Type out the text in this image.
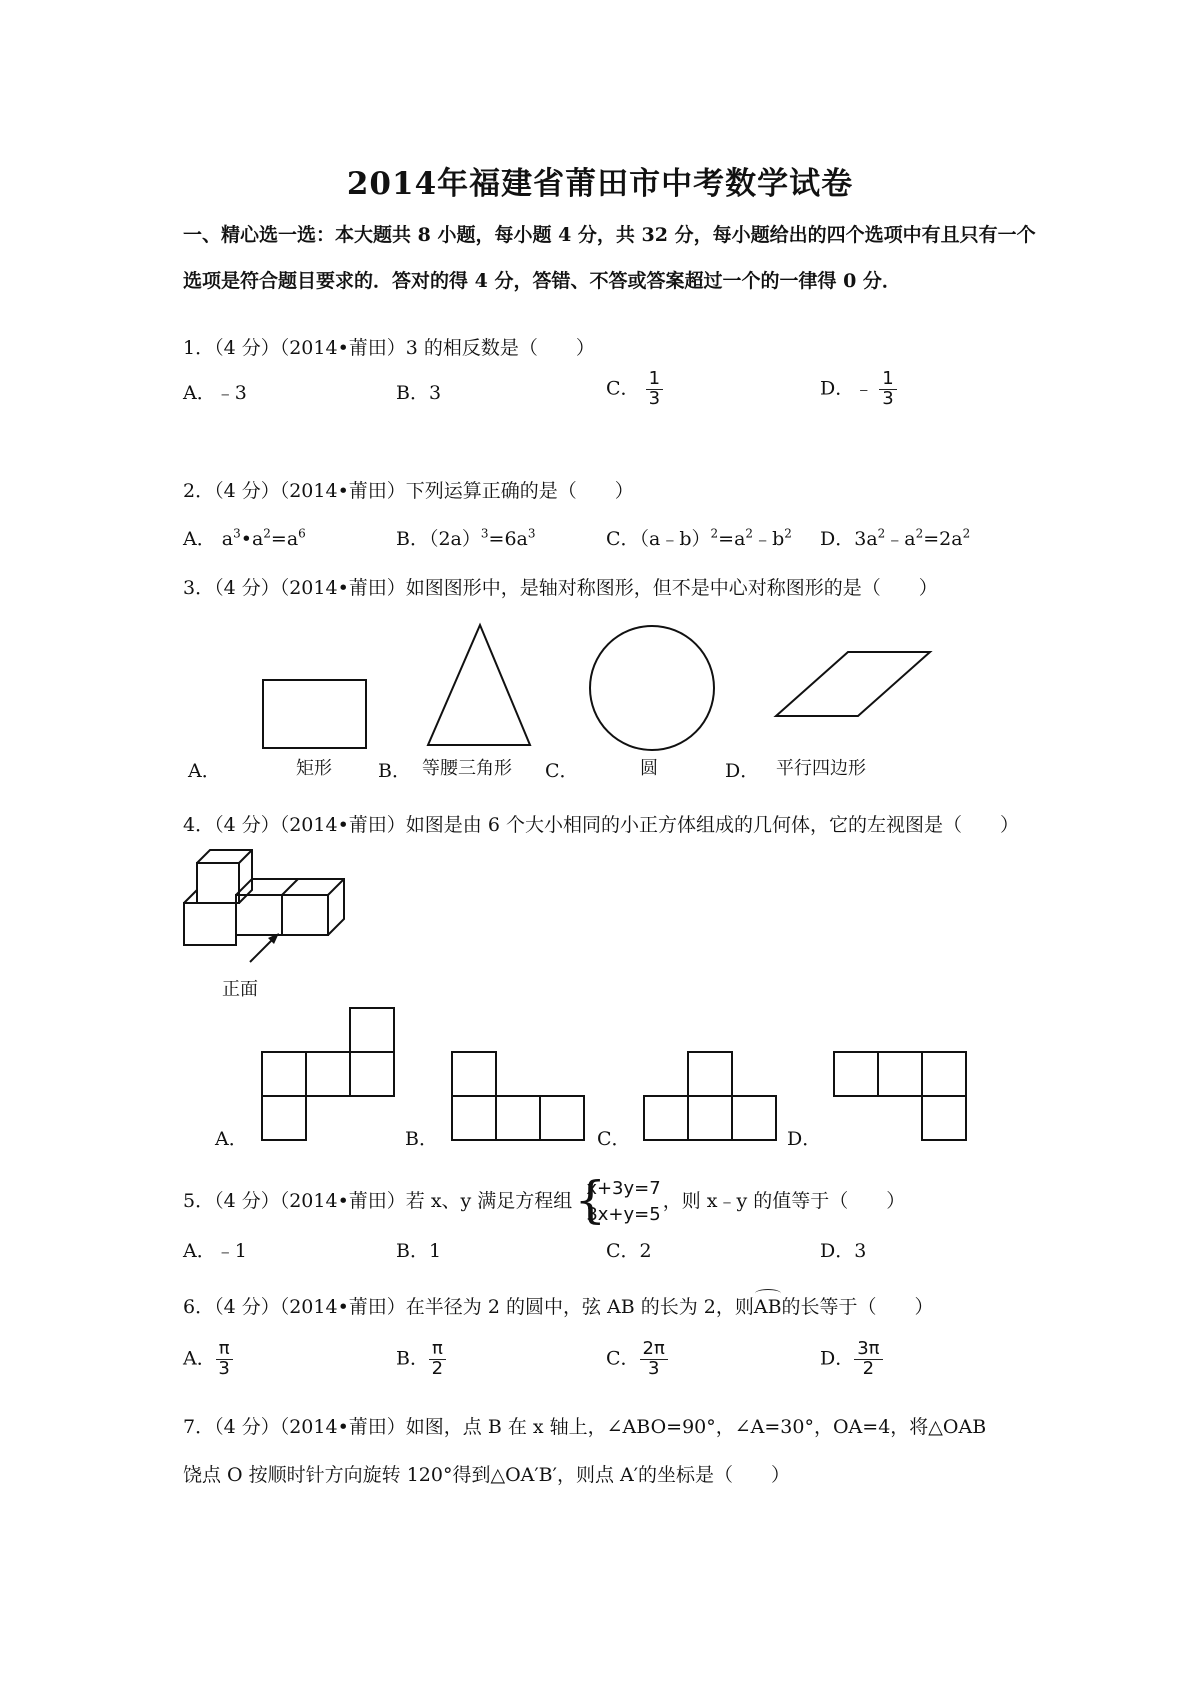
2014年福建省莆田市中考数学试卷
一、精心选一选：本大题共 8 小题，每小题 4 分，共 32 分，每小题给出的四个选项中有且只有一个选项是符合题目要求的．答对的得 4 分，答错、不答或答案超过一个的一律得 0 分．
1．（4 分）（2014•莆田）3 的相反数是（　　）
A．﹣3	B．3	C． $\frac{1}{3}$	D．﹣ $\frac{1}{3}$
2．（4 分）（2014•莆田）下列运算正确的是（　　）
A． $a^3•a^2=a^6$	B．$(2a)^3=6a^3$	C．$(a﹣b)^2=a^2﹣b^2$ D．$3a^2﹣a^2=2a^2$
3．（4 分）（2014•莆田）如图图形中，是轴对称图形，但不是中心对称图形的是（　　）
A．	矩形 B． 等腰三角形 C．	圆	D． 平行四边形
4．（4 分）（2014•莆田）如图是由 6 个大小相同的小正方体组成的几何体，它的左视图是（　　）
正面
A．	B．	C．	D．
5．（4 分）（2014•莆田）若 x、y 满足方程组 {
x+3y=7
3x+y=5
，则 x﹣y 的值等于（　　）
A．﹣1	B．1	C．2	D．3
6．（4 分）（2014•莆田）在半径为 2 的圆中，弦 AB 的长为 2，则
AB的长等于（　　）
A． $\frac{\pi}{3}$	B． $\frac{\pi}{2}$	C． $\frac{2\pi}{3}$	D． $\frac{3\pi}{2}$
7．（4 分）（2014•莆田）如图，点 B 在 x 轴上，∠ABO=90°，∠A=30°，OA=4，将△OAB
饶点 O 按顺时针方向旋转 120°得到△OA′B′，则点 A′的坐标是（　　）
